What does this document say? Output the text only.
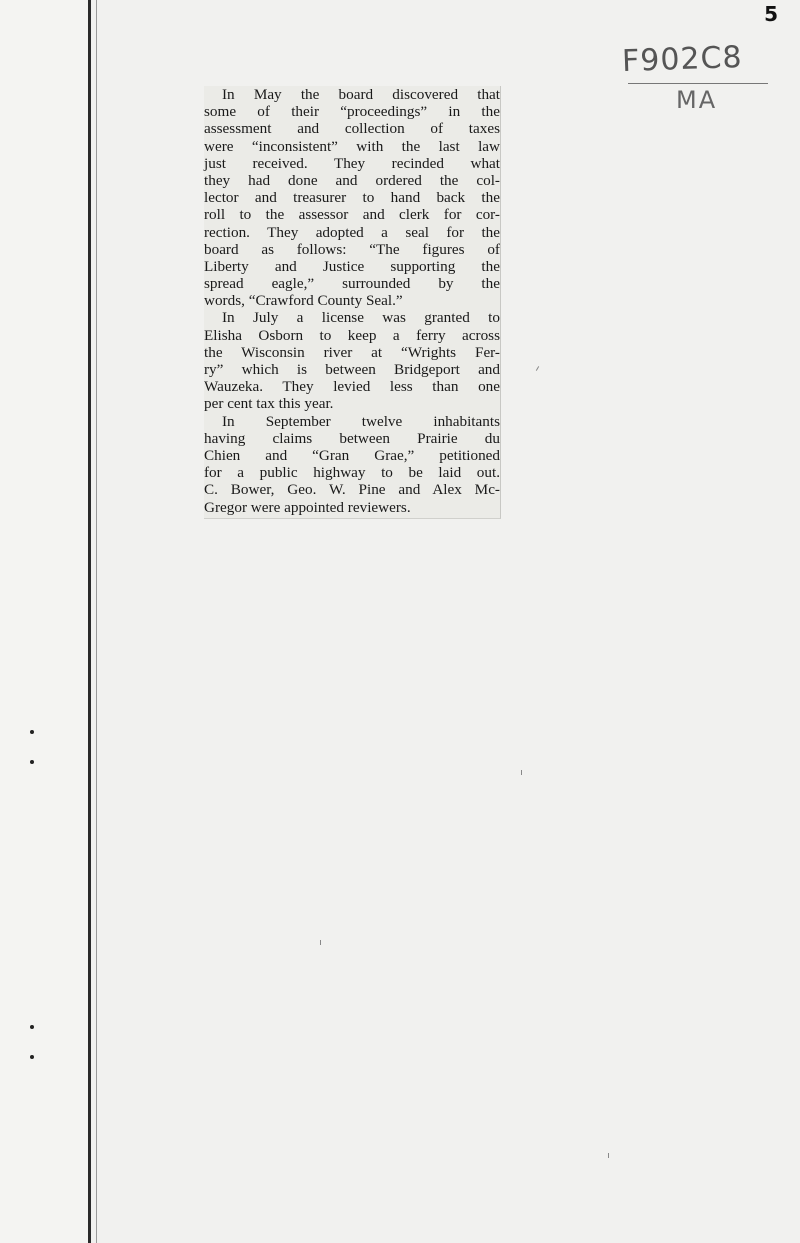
5
F902C8
MA
In May the board discovered that
some of their “proceedings” in the
assessment and collection of taxes
were “inconsistent” with the last law
just received. They recinded what
they had done and ordered the col-
lector and treasurer to hand back the
roll to the assessor and clerk for cor-
rection. They adopted a seal for the
board as follows: “The figures of
Liberty and Justice supporting the
spread eagle,” surrounded by the
words, “Crawford County Seal.”
In July a license was granted to
Elisha Osborn to keep a ferry across
the Wisconsin river at “Wrights Fer-
ry” which is between Bridgeport and
Wauzeka. They levied less than one
per cent tax this year.
In September twelve inhabitants
having claims between Prairie du
Chien and “Gran Grae,” petitioned
for a public highway to be laid out.
C. Bower, Geo. W. Pine and Alex Mc-
Gregor were appointed reviewers.
